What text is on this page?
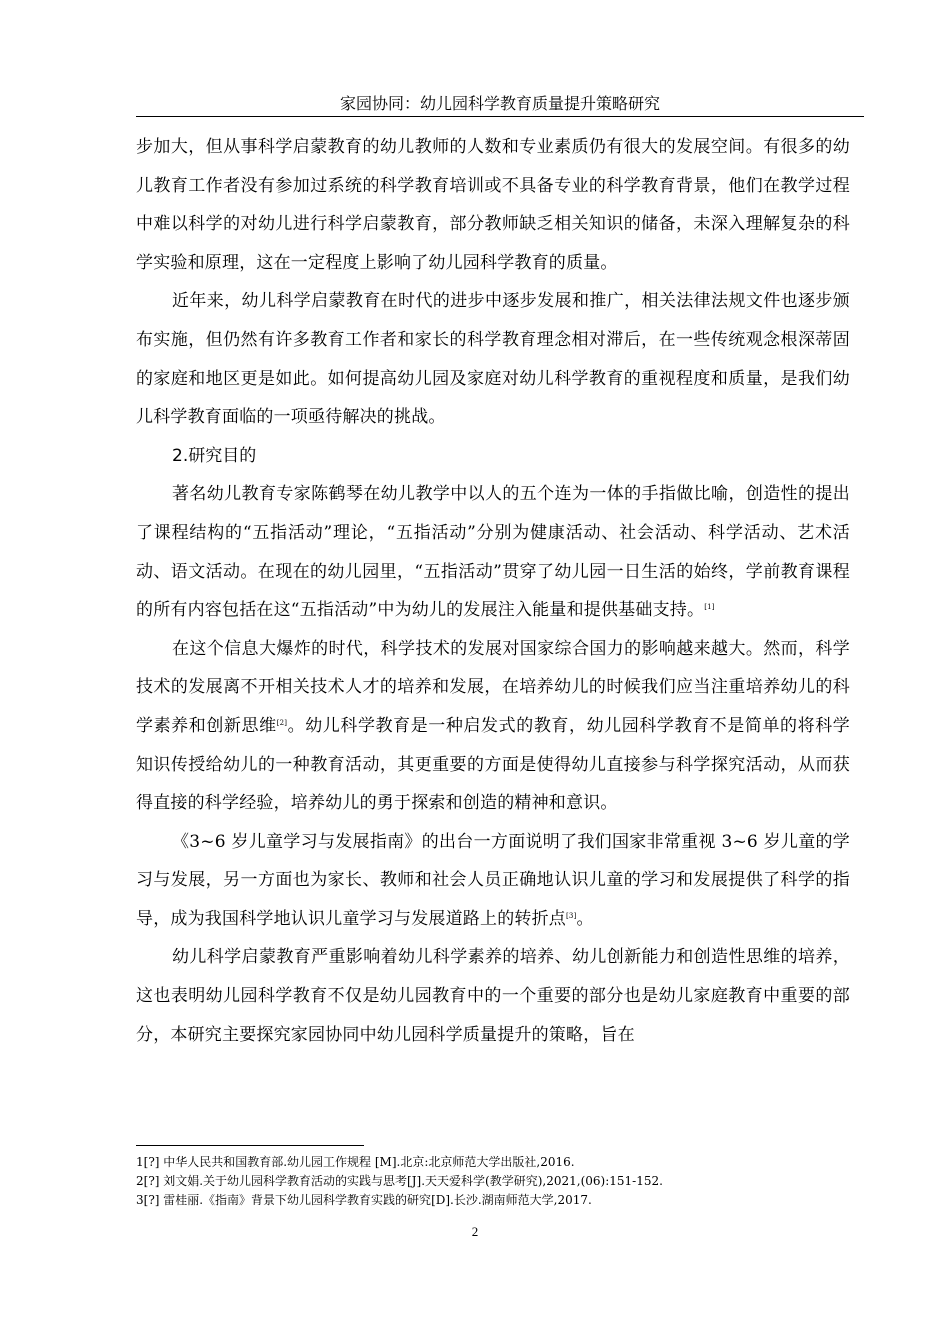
家园协同：幼儿园科学教育质量提升策略研究

步加大，但从事科学启蒙教育的幼儿教师的人数和专业素质仍有很大的发展空间。有很多的幼儿教育工作者没有参加过系统的科学教育培训或不具备专业的科学教育背景，他们在教学过程中难以科学的对幼儿进行科学启蒙教育，部分教师缺乏相关知识的储备，未深入理解复杂的科学实验和原理，这在一定程度上影响了幼儿园科学教育的质量。

近年来，幼儿科学启蒙教育在时代的进步中逐步发展和推广，相关法律法规文件也逐步颁布实施，但仍然有许多教育工作者和家长的科学教育理念相对滞后，在一些传统观念根深蒂固的家庭和地区更是如此。如何提高幼儿园及家庭对幼儿科学教育的重视程度和质量，是我们幼儿科学教育面临的一项亟待解决的挑战。

2.研究目的

著名幼儿教育专家陈鹤琴在幼儿教学中以人的五个连为一体的手指做比喻，创造性的提出了课程结构的“五指活动”理论，“五指活动”分别为健康活动、社会活动、科学活动、艺术活动、语文活动。在现在的幼儿园里，“五指活动”贯穿了幼儿园一日生活的始终，学前教育课程的所有内容包括在这“五指活动”中为幼儿的发展注入能量和提供基础支持。[1]

在这个信息大爆炸的时代，科学技术的发展对国家综合国力的影响越来越大。然而，科学技术的发展离不开相关技术人才的培养和发展，在培养幼儿的时候我们应当注重培养幼儿的科学素养和创新思维[2]。幼儿科学教育是一种启发式的教育，幼儿园科学教育不是简单的将科学知识传授给幼儿的一种教育活动，其更重要的方面是使得幼儿直接参与科学探究活动，从而获得直接的科学经验，培养幼儿的勇于探索和创造的精神和意识。

《3~6 岁儿童学习与发展指南》的出台一方面说明了我们国家非常重视 3~6 岁儿童的学习与发展，另一方面也为家长、教师和社会人员正确地认识儿童的学习和发展提供了科学的指导，成为我国科学地认识儿童学习与发展道路上的转折点[3]。

幼儿科学启蒙教育严重影响着幼儿科学素养的培养、幼儿创新能力和创造性思维的培养，这也表明幼儿园科学教育不仅是幼儿园教育中的一个重要的部分也是幼儿家庭教育中重要的部分，本研究主要探究家园协同中幼儿园科学质量提升的策略，旨在

1[?] 中华人民共和国教育部.幼儿园工作规程 [M].北京:北京师范大学出版社,2016.
2[?] 刘文娟.关于幼儿园科学教育活动的实践与思考[J].天天爱科学(教学研究),2021,(06):151-152.
3[?] 雷桂丽.《指南》背景下幼儿园科学教育实践的研究[D].长沙.湖南师范大学,2017.
2
